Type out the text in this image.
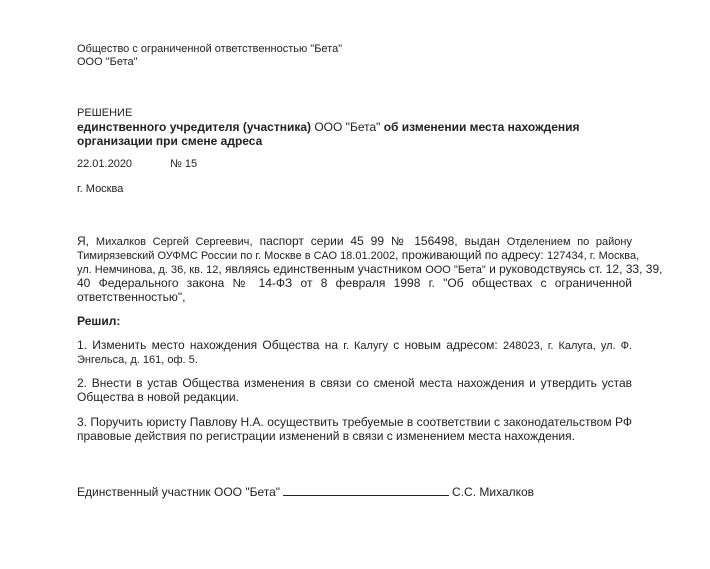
Общество с ограниченной ответственностью "Бета"
ООО "Бета"
РЕШЕНИЕ
единственного учредителя (участника) ООО "Бета" об изменении места нахождения
организации при смене адреса
22.01.2020	№ 15
г. Москва
Я, Михалков Сергей Сергеевич, паспорт серии 45 99 № 156498, выдан Отделением по району
Тимирязевский ОУФМС России по г. Москве в САО 18.01.2002, проживающий по адресу: 127434, г. Москва,
ул. Немчинова, д. 36, кв. 12, являясь единственным участником ООО "Бета" и руководствуясь ст. 12, 33, 39,
40 Федерального закона № 14-ФЗ от 8 февраля 1998 г. "Об обществах с ограниченной
ответственностью",
Решил:
1. Изменить место нахождения Общества на г. Калугу с новым адресом: 248023, г. Калуга, ул. Ф.
Энгельса, д. 161, оф. 5.
2. Внести в устав Общества изменения в связи со сменой места нахождения и утвердить устав
Общества в новой редакции.
3. Поручить юристу Павлову Н.А. осуществить требуемые в соответствии с законодательством РФ
правовые действия по регистрации изменений в связи с изменением места нахождения.
Единственный участник ООО "Бета"	С.С. Михалков
